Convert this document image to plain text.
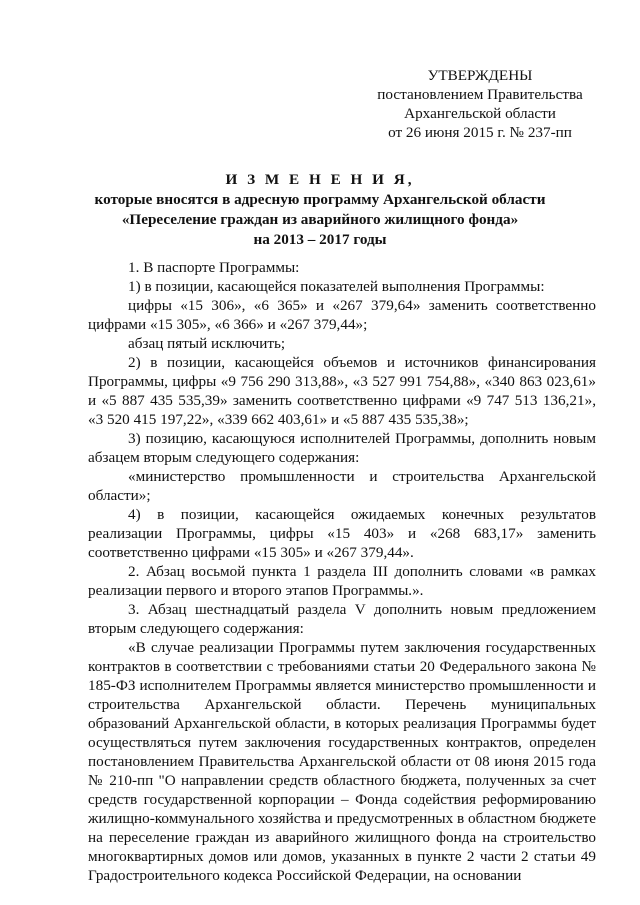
УТВЕРЖДЕНЫ
постановлением Правительства
Архангельской области
от 26 июня 2015 г. № 237-пп
И З М Е Н Е Н И Я,
которые вносятся в адресную программу Архангельской области
«Переселение граждан из аварийного жилищного фонда»
на 2013 – 2017 годы

1. В паспорте Программы:

1) в позиции, касающейся показателей выполнения Программы:

цифры «15 306», «6 365» и «267 379,64» заменить соответственно цифрами «15 305», «6 366» и «267 379,44»;

абзац пятый исключить;

2) в позиции, касающейся объемов и источников финансирования Программы, цифры «9 756 290 313,88», «3 527 991 754,88», «340 863 023,61» и «5 887 435 535,39» заменить соответственно цифрами «9 747 513 136,21», «3 520 415 197,22», «339 662 403,61» и «5 887 435 535,38»;

3) позицию, касающуюся исполнителей Программы, дополнить новым абзацем вторым следующего содержания:

«министерство промышленности и строительства Архангельской области»;

4) в позиции, касающейся ожидаемых конечных результатов реализации Программы, цифры «15 403» и «268 683,17» заменить соответственно цифрами «15 305» и «267 379,44».

2. Абзац восьмой пункта 1 раздела III дополнить словами «в рамках реализации первого и второго этапов Программы.».

3. Абзац шестнадцатый раздела V дополнить новым предложением вторым следующего содержания:

«В случае реализации Программы путем заключения государственных контрактов в соответствии с требованиями статьи 20 Федерального закона № 185-ФЗ исполнителем Программы является министерство промышленности и строительства Архангельской области. Перечень муниципальных образований Архангельской области, в которых реализация Программы будет осуществляться путем заключения государственных контрактов, определен постановлением Правительства Архангельской области от 08 июня 2015 года № 210-пп "О направлении средств областного бюджета, полученных за счет средств государственной корпорации – Фонда содействия реформированию жилищно-коммунального хозяйства и предусмотренных в областном бюджете на переселение граждан из аварийного жилищного фонда на строительство многоквартирных домов или домов, указанных в пункте 2 части 2 статьи 49 Градостроительного кодекса Российской Федерации, на основании
